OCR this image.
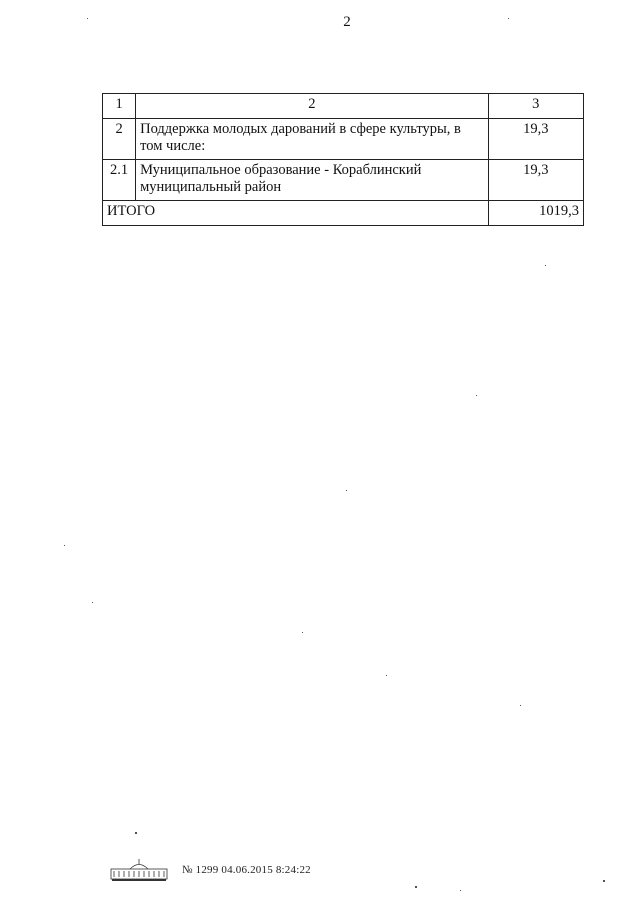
2
1	2	3
2	Поддержка молодых дарований в сфере культуры, в том числе:	19,3
2.1	Муниципальное образование - Кораблинский муниципальный район	19,3
ИТОГО		1019,3
№ 1299 04.06.2015 8:24:22
